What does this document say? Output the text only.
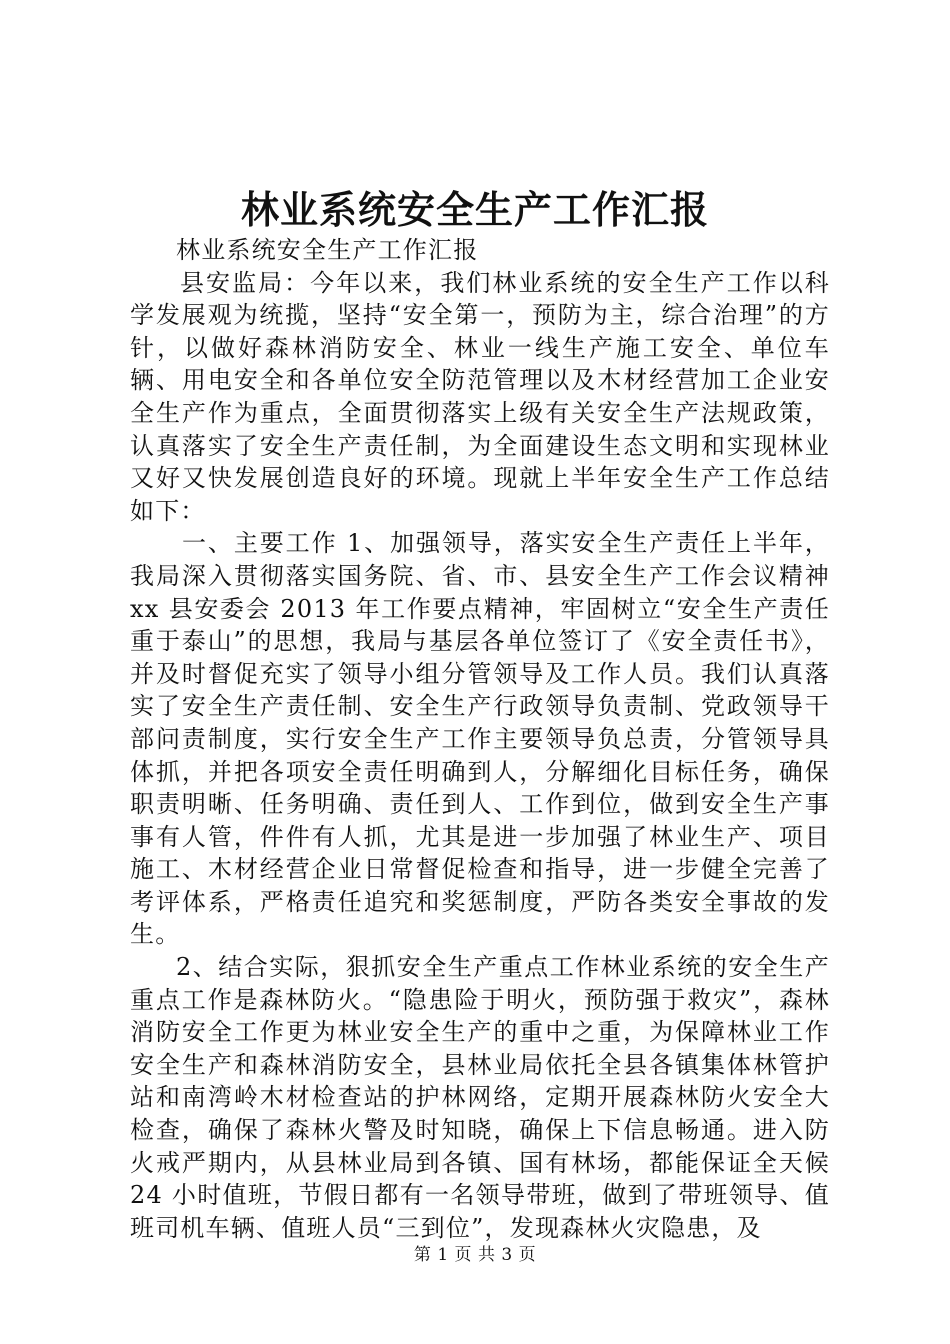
林业系统安全生产工作汇报

林业系统安全生产工作汇报

县安监局：今年以来，我们林业系统的安全生产工作以科学发展观为统揽，坚持“安全第一，预防为主，综合治理”的方针，以做好森林消防安全、林业一线生产施工安全、单位车辆、用电安全和各单位安全防范管理以及木材经营加工企业安全生产作为重点，全面贯彻落实上级有关安全生产法规政策，认真落实了安全生产责任制，为全面建设生态文明和实现林业又好又快发展创造良好的环境。现就上半年安全生产工作总结如下：

一、主要工作 1、加强领导，落实安全生产责任上半年，我局深入贯彻落实国务院、省、市、县安全生产工作会议精神 xx 县安委会 2013 年工作要点精神，牢固树立“安全生产责任重于泰山”的思想，我局与基层各单位签订了《安全责任书》，并及时督促充实了领导小组分管领导及工作人员。我们认真落实了安全生产责任制、安全生产行政领导负责制、党政领导干部问责制度，实行安全生产工作主要领导负总责，分管领导具体抓，并把各项安全责任明确到人，分解细化目标任务，确保职责明晰、任务明确、责任到人、工作到位，做到安全生产事事有人管，件件有人抓，尤其是进一步加强了林业生产、项目施工、木材经营企业日常督促检查和指导，进一步健全完善了考评体系，严格责任追究和奖惩制度，严防各类安全事故的发生。

2、结合实际，狠抓安全生产重点工作林业系统的安全生产重点工作是森林防火。“隐患险于明火，预防强于救灾”，森林消防安全工作更为林业安全生产的重中之重，为保障林业工作安全生产和森林消防安全，县林业局依托全县各镇集体林管护站和南湾岭木材检查站的护林网络，定期开展森林防火安全大检查，确保了森林火警及时知晓，确保上下信息畅通。进入防火戒严期内，从县林业局到各镇、国有林场，都能保证全天候 24 小时值班，节假日都有一名领导带班，做到了带班领导、值班司机车辆、值班人员“三到位”，发现森林火灾隐患，及

第 1 页 共 3 页
